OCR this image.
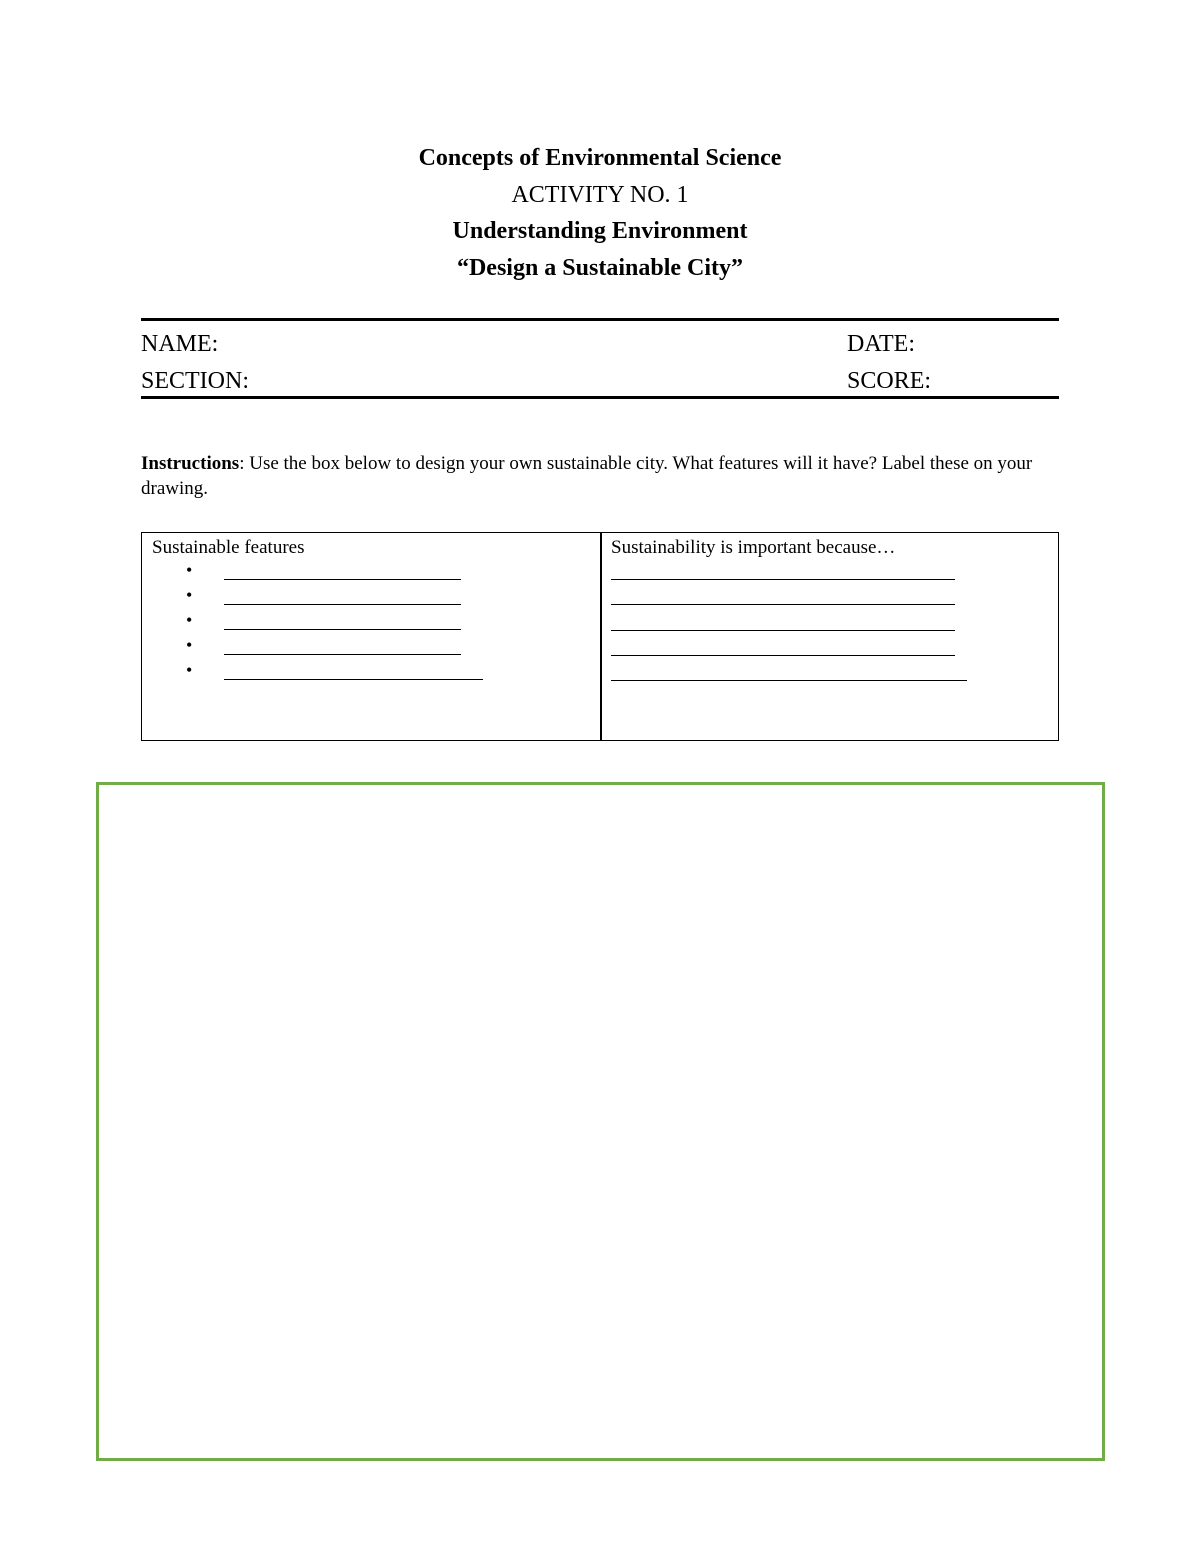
Concepts of Environmental Science
ACTIVITY NO. 1
Understanding Environment
“Design a Sustainable City”
NAME:	DATE:
SECTION:	SCORE:
Instructions: Use the box below to design your own sustainable city. What features will it have? Label these on your drawing.
Sustainable features
•
•
•
•
•
Sustainability is important because…
